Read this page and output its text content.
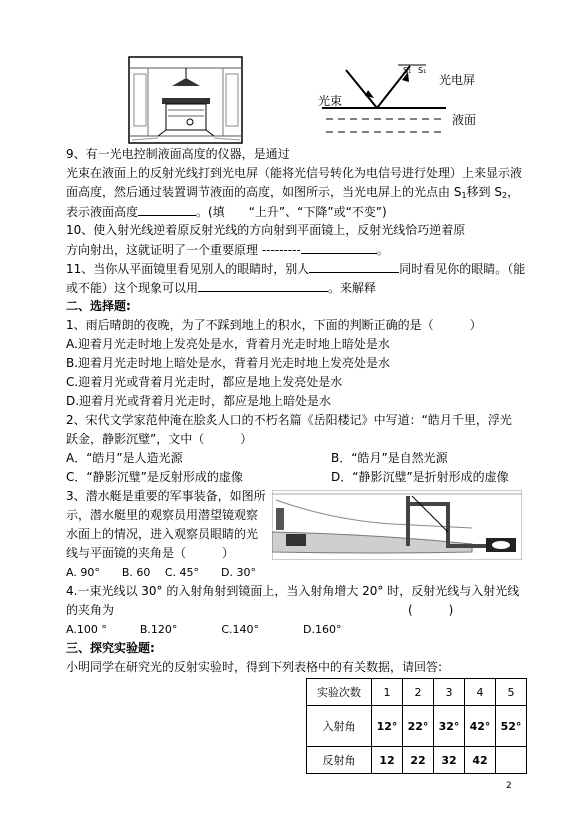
光束
S₁ S₁
光电屏
液面
9、有一光电控制液面高度的仪器，是通过
光束在液面上的反射光线打到光电屏（能将光信号转化为电信号进行处理）上来显示液
面高度，然后通过装置调节液面的高度，如图所示，当光电屏上的光点由 $S_1$移到 $S_2$，
表示液面高度	。(填　　“上升”、“下降”或“不变”)
10、使入射光线逆着原反射光线的方向射到平面镜上，反射光线恰巧逆着原
方向射出，这就证明了一个重要原理 ---------	。
11、当你从平面镜里看见别人的眼睛时，别人	同时看见你的眼睛。（能
或不能）这个现象可以用	。来解释
二、选择题:
1、雨后晴朗的夜晚，为了不踩到地上的积水，下面的判断正确的是（　　　）
A.迎着月光走时地上发亮处是水，背着月光走时地上暗处是水
B.迎着月光走时地上暗处是水，背着月光走时地上发亮处是水
C.迎着月光或背着月光走时，都应是地上发亮处是水
D.迎着月光或背着月光走时，都应是地上暗处是水
2、宋代文学家范仲淹在脍炙人口的不朽名篇《岳阳楼记》中写道：“皓月千里，浮光
跃金，静影沉璧”，文中（　　　）
A．“皓月”是人造光源	B．“皓月”是自然光源
C．“静影沉璧”是反射形成的虚像	D．“静影沉璧”是折射形成的虚像
3、潜水艇是重要的军事装备，如图所
示，潜水艇里的观察员用潜望镜观察
水面上的情况，进入观察员眼睛的光
线与平面镜的夹角是（　　　）
A. 90°　　B. 60　 C. 45°　　D. 30°
4.一束光线以 30° 的入射角射到镜面上，当入射角增大 20° 时，反射光线与入射光线
的夹角为	(　　　)
A.100 °　　　B.120°　　　　C.140°　　　　D.160°
三、探究实验题:
小明同学在研究光的反射实验时，得到下列表格中的有关数据，请回答:
实验次数	1	2	3	4	5
入射角	12°	22°	32°	42°	52°
反射角	12	22	32	42	
2
